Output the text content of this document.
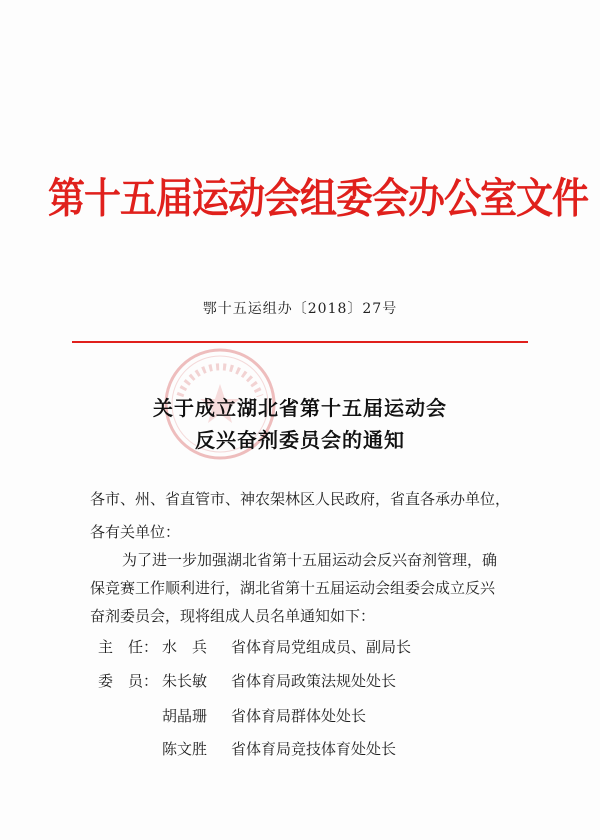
第十五届运动会组委会办公室文件
鄂十五运组办〔2018〕27号
关于成立湖北省第十五届运动会
反兴奋剂委员会的通知
各市、州、省直管市、神农架林区人民政府，省直各承办单位，
各有关单位：
为了进一步加强湖北省第十五届运动会反兴奋剂管理，确
保竞赛工作顺利进行，湖北省第十五届运动会组委会成立反兴
奋剂委员会，现将组成人员名单通知如下：
主　任： 水　兵 省体育局党组成员、副局长
委　员： 朱长敏 省体育局政策法规处处长
胡晶珊 省体育局群体处处长
陈文胜 省体育局竞技体育处处长
